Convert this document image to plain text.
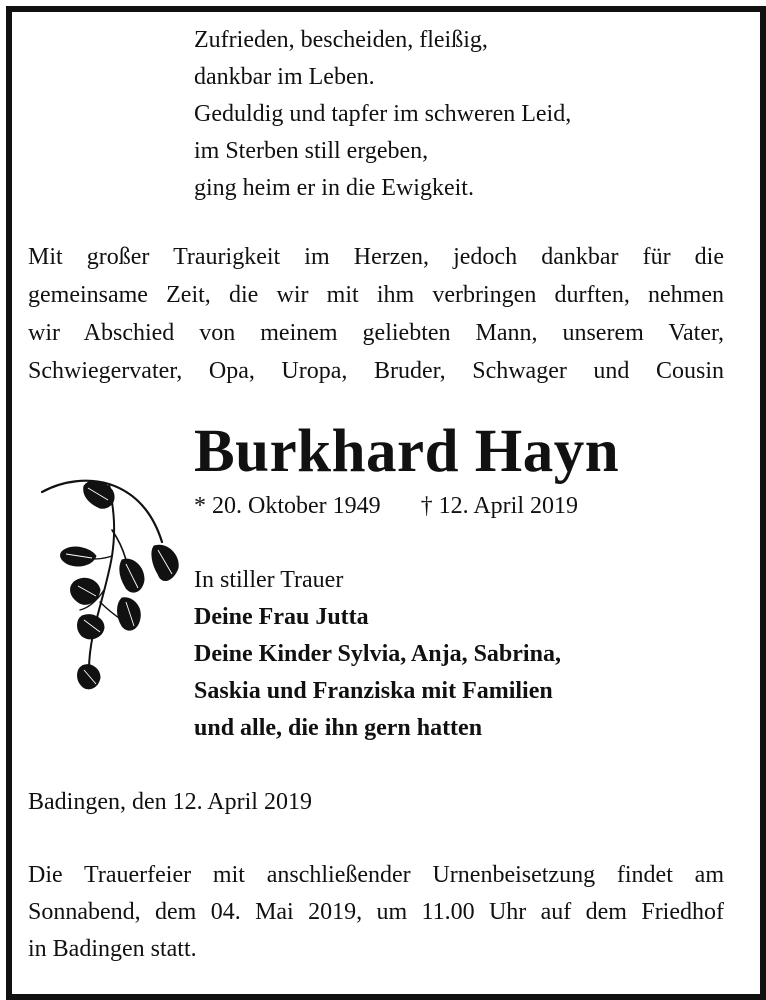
Zufrieden, bescheiden, fleißig,
dankbar im Leben.
Geduldig und tapfer im schweren Leid,
im Sterben still ergeben,
ging heim er in die Ewigkeit.
Mit großer Traurigkeit im Herzen, jedoch dankbar für die
gemeinsame Zeit, die wir mit ihm verbringen durften, nehmen
wir Abschied von meinem geliebten Mann, unserem Vater,
Schwiegervater, Opa, Uropa, Bruder, Schwager und Cousin
Burkhard Hayn
* 20. Oktober 1949 † 12. April 2019
In stiller Trauer
Deine Frau Jutta
Deine Kinder Sylvia, Anja, Sabrina,
Saskia und Franziska mit Familien
und alle, die ihn gern hatten
Badingen, den 12. April 2019
Die Trauerfeier mit anschließender Urnenbeisetzung findet am
Sonnabend, dem 04. Mai 2019, um 11.00 Uhr auf dem Friedhof
in Badingen statt.
